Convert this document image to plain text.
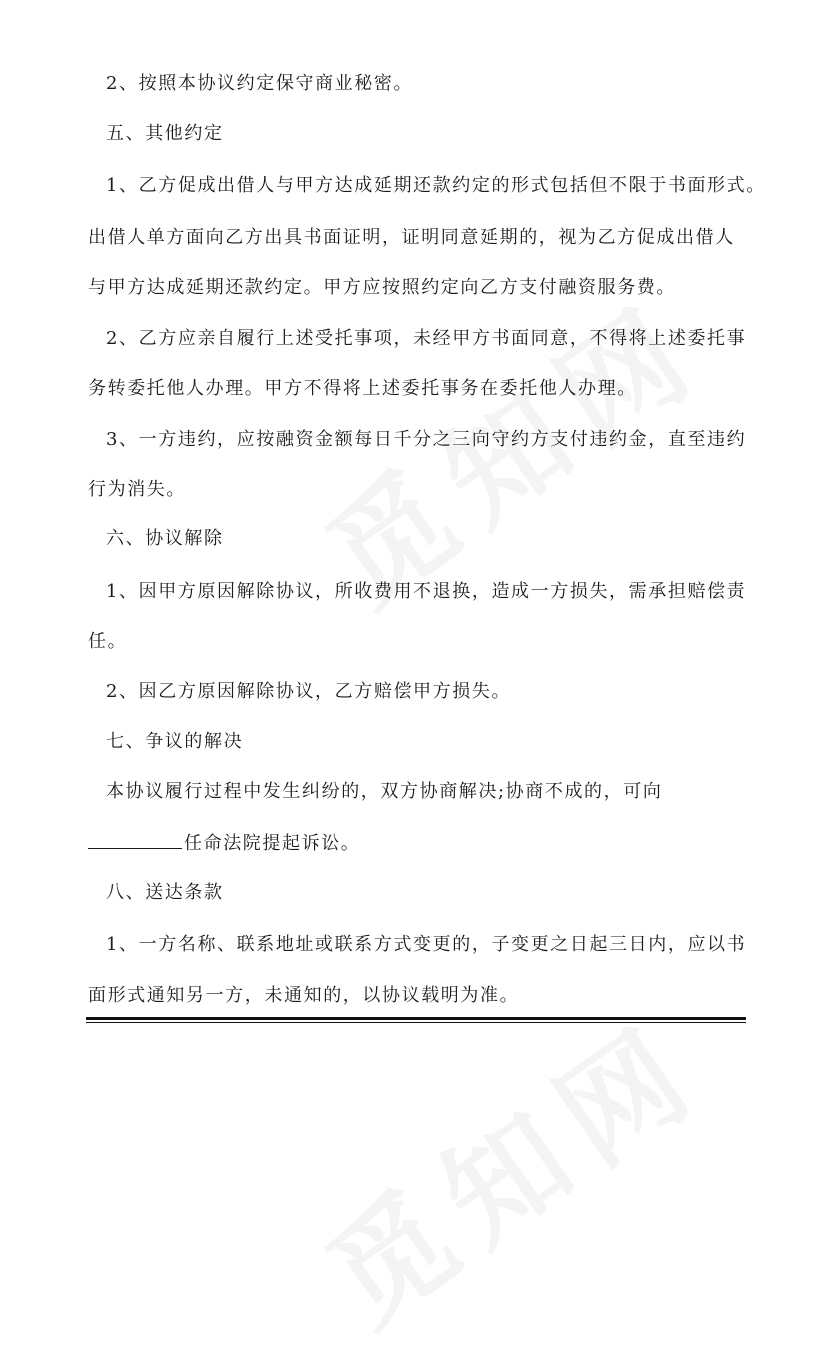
2、按照本协议约定保守商业秘密。
五、其他约定
1、乙方促成出借人与甲方达成延期还款约定的形式包括但不限于书面形式。
出借人单方面向乙方出具书面证明，证明同意延期的，视为乙方促成出借人
与甲方达成延期还款约定。甲方应按照约定向乙方支付融资服务费。
2、乙方应亲自履行上述受托事项，未经甲方书面同意，不得将上述委托事
务转委托他人办理。甲方不得将上述委托事务在委托他人办理。
3、一方违约，应按融资金额每日千分之三向守约方支付违约金，直至违约
行为消失。
六、协议解除
1、因甲方原因解除协议，所收费用不退换，造成一方损失，需承担赔偿责
任。
2、因乙方原因解除协议，乙方赔偿甲方损失。
七、争议的解决
本协议履行过程中发生纠纷的，双方协商解决;协商不成的，可向
任命法院提起诉讼。
八、送达条款
1、一方名称、联系地址或联系方式变更的，子变更之日起三日内，应以书
面形式通知另一方，未通知的，以协议载明为准。
